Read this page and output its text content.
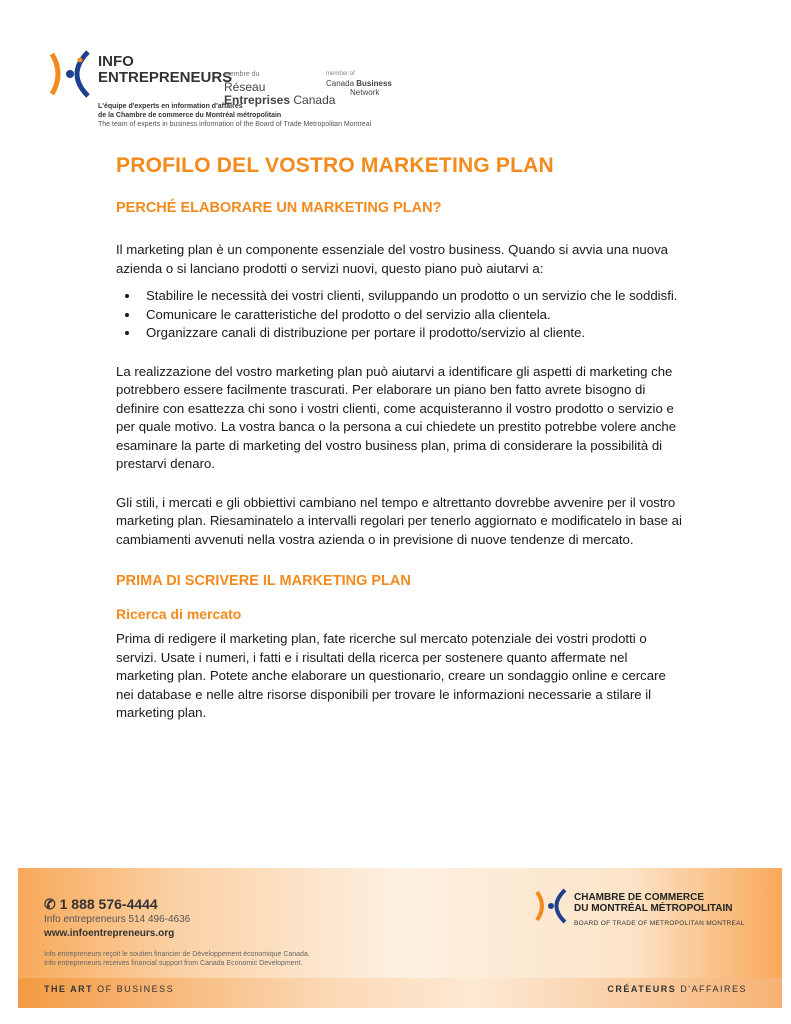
INFO
ENTREPRENEURS
membre du
Réseau
Entreprises Canada
member of
Canada Business
Network
L'équipe d'experts en information d'affaires
de la Chambre de commerce du Montréal métropolitain
The team of experts in business information of the Board of Trade Metropolitan Montreal
PROFILO DEL VOSTRO MARKETING PLAN
PERCHÉ ELABORARE UN MARKETING PLAN?

Il marketing plan è un componente essenziale del vostro business. Quando si avvia una nuova azienda o si lanciano prodotti o servizi nuovi, questo piano può aiutarvi a:

• Stabilire le necessità dei vostri clienti, sviluppando un prodotto o un servizio che le soddisfi.
• Comunicare le caratteristiche del prodotto o del servizio alla clientela.
• Organizzare canali di distribuzione per portare il prodotto/servizio al cliente.

La realizzazione del vostro marketing plan può aiutarvi a identificare gli aspetti di marketing che potrebbero essere facilmente trascurati. Per elaborare un piano ben fatto avrete bisogno di definire con esattezza chi sono i vostri clienti, come acquisteranno il vostro prodotto o servizio e per quale motivo. La vostra banca o la persona a cui chiedete un prestito potrebbe volere anche esaminare la parte di marketing del vostro business plan, prima di considerare la possibilità di prestarvi denaro.

Gli stili, i mercati e gli obbiettivi cambiano nel tempo e altrettanto dovrebbe avvenire per il vostro marketing plan. Riesaminatelo a intervalli regolari per tenerlo aggiornato e modificatelo in base ai cambiamenti avvenuti nella vostra azienda o in previsione di nuove tendenze di mercato.

PRIMA DI SCRIVERE IL MARKETING PLAN
Ricerca di mercato

Prima di redigere il marketing plan, fate ricerche sul mercato potenziale dei vostri prodotti o servizi. Usate i numeri, i fatti e i risultati della ricerca per sostenere quanto affermate nel marketing plan. Potete anche elaborare un questionario, creare un sondaggio online e cercare nei database e nelle altre risorse disponibili per trovare le informazioni necessarie a stilare il marketing plan.

✆ 1 888 576-4444
Info entrepreneurs 514 496-4636
www.infoentrepreneurs.org
Info entrepreneurs reçoit le soutien financier de Développement économique Canada.
Info entrepreneurs receives financial support from Canada Economic Development.
CHAMBRE DE COMMERCE
DU MONTRÉAL MÉTROPOLITAIN
BOARD OF TRADE OF METROPOLITAN MONTREAL
THE ART OF BUSINESS	CRÉATEURS D'AFFAIRES
